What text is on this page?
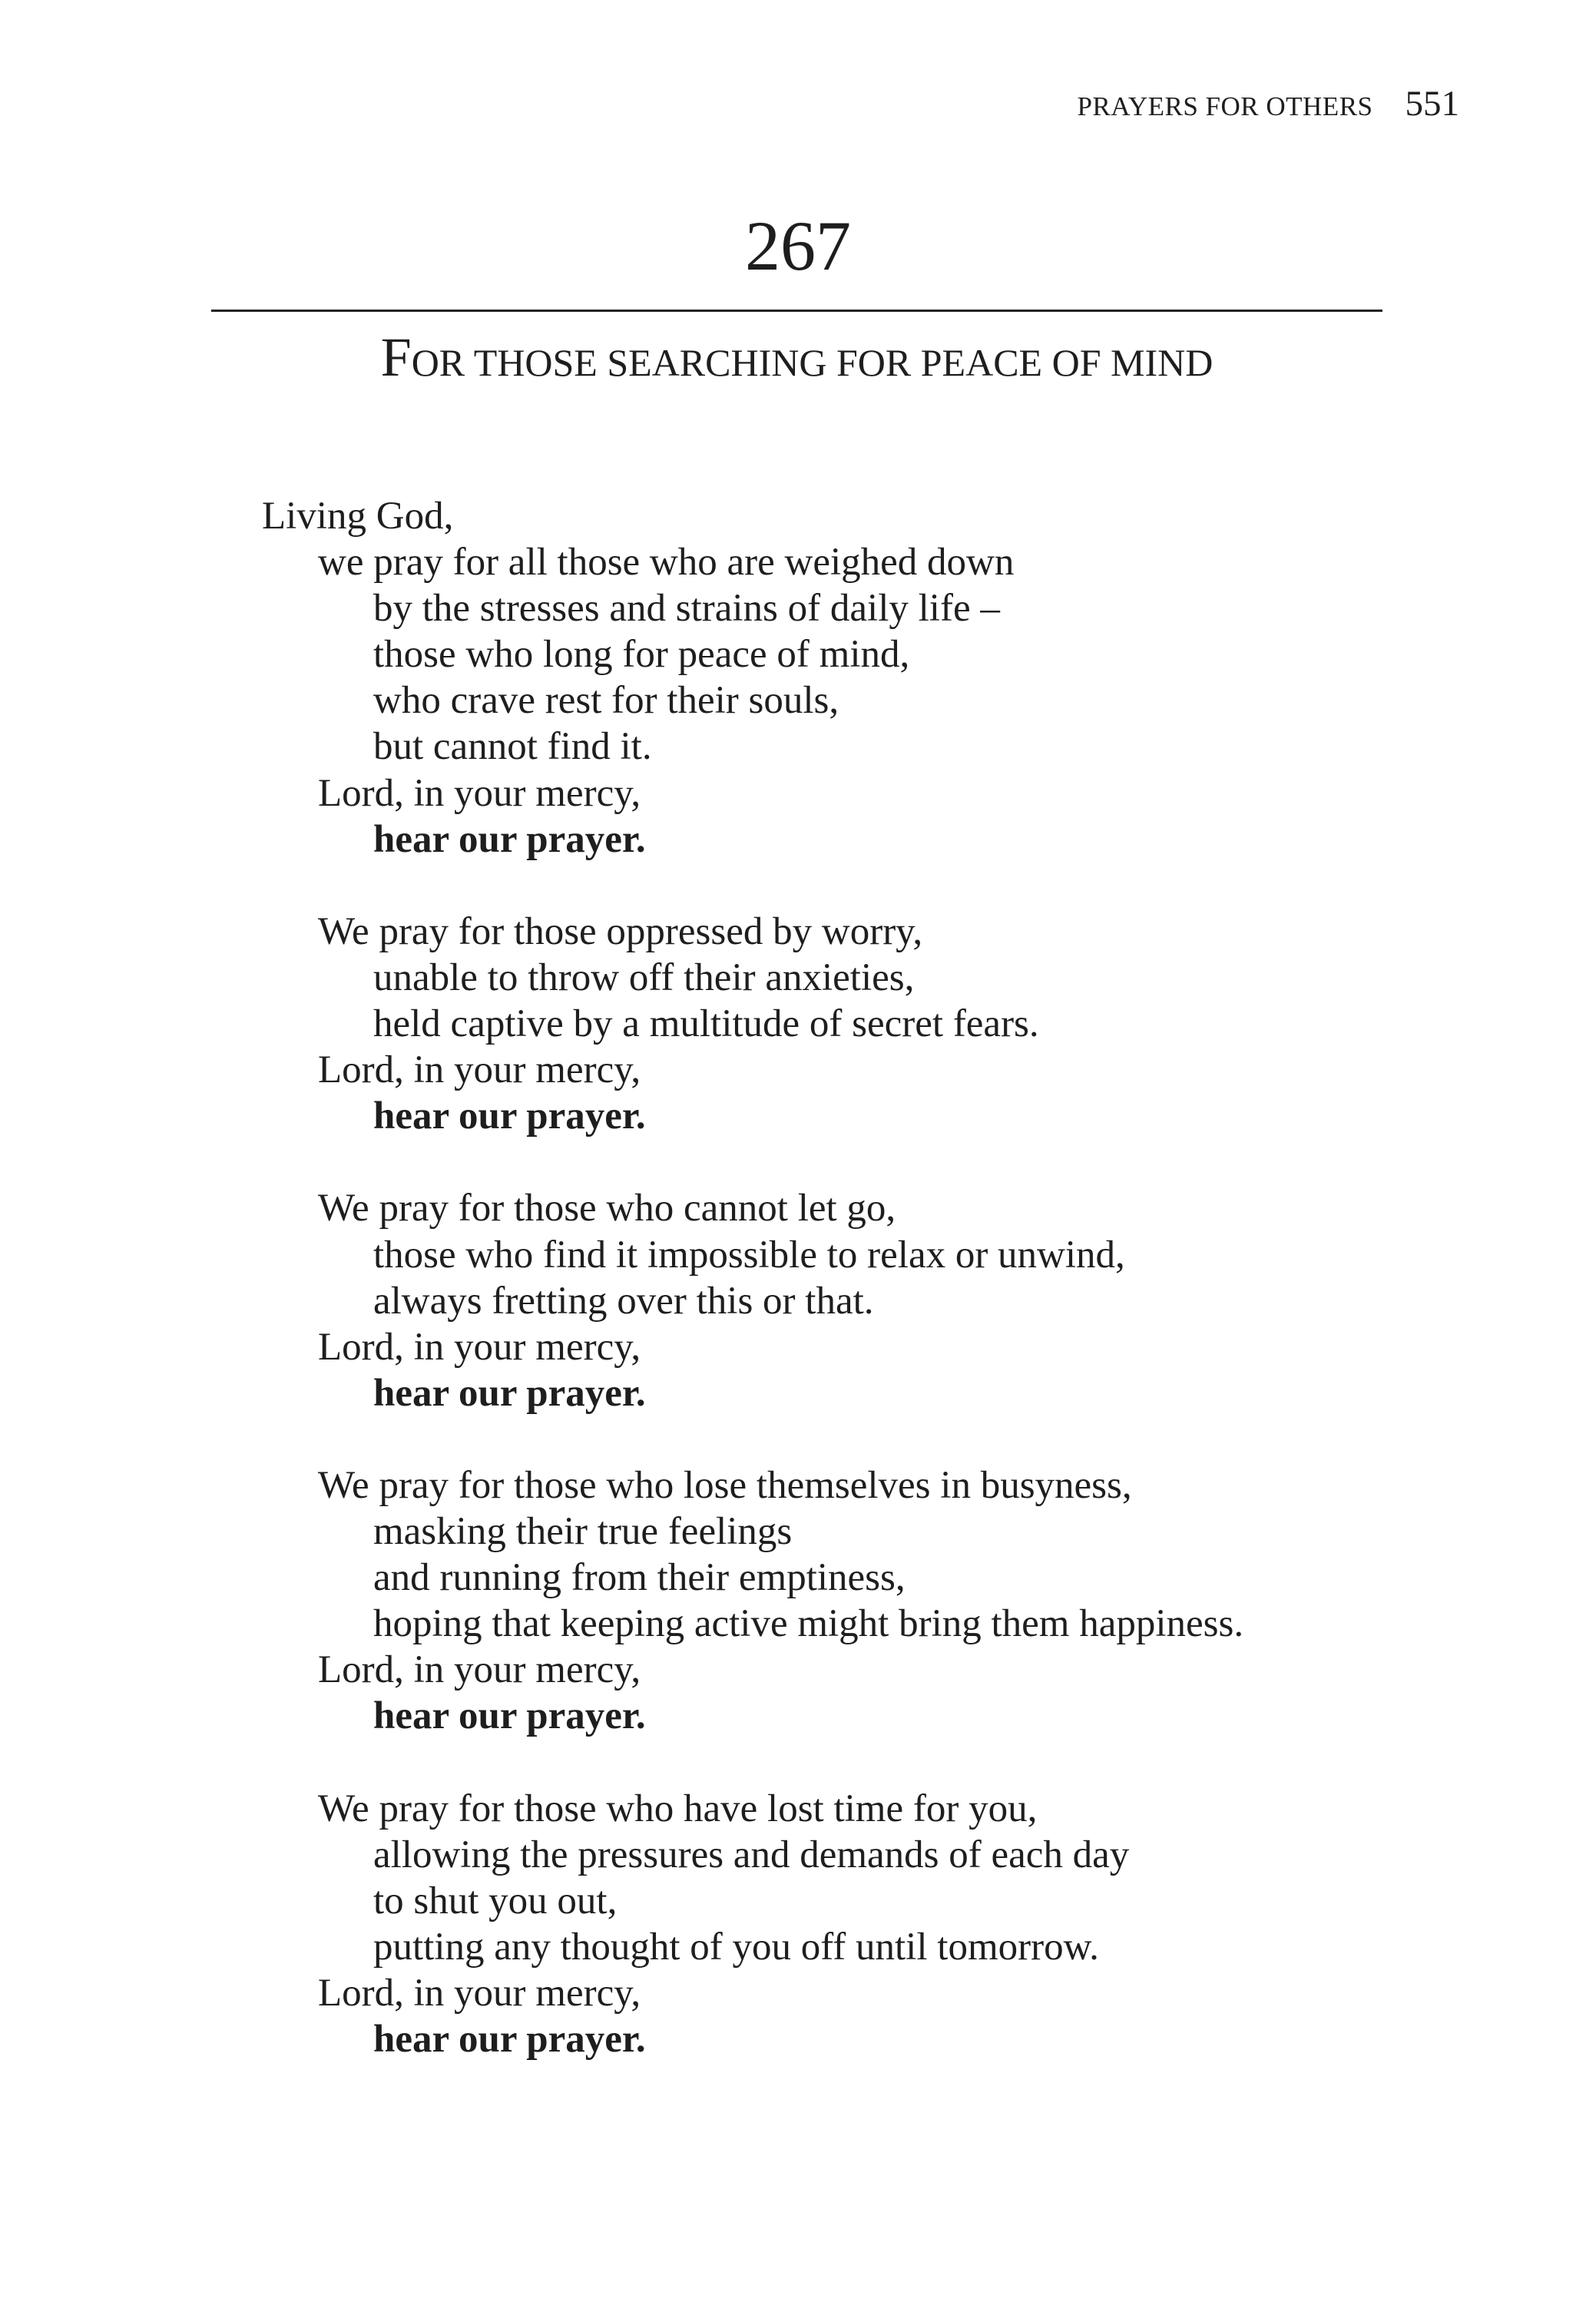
PRAYERS FOR OTHERS 551
267
FOR THOSE SEARCHING FOR PEACE OF MIND
Living God,
we pray for all those who are weighed down
by the stresses and strains of daily life –
those who long for peace of mind,
who crave rest for their souls,
but cannot find it.
Lord, in your mercy,
hear our prayer.
We pray for those oppressed by worry,
unable to throw off their anxieties,
held captive by a multitude of secret fears.
Lord, in your mercy,
hear our prayer.
We pray for those who cannot let go,
those who find it impossible to relax or unwind,
always fretting over this or that.
Lord, in your mercy,
hear our prayer.
We pray for those who lose themselves in busyness,
masking their true feelings
and running from their emptiness,
hoping that keeping active might bring them happiness.
Lord, in your mercy,
hear our prayer.
We pray for those who have lost time for you,
allowing the pressures and demands of each day
to shut you out,
putting any thought of you off until tomorrow.
Lord, in your mercy,
hear our prayer.
